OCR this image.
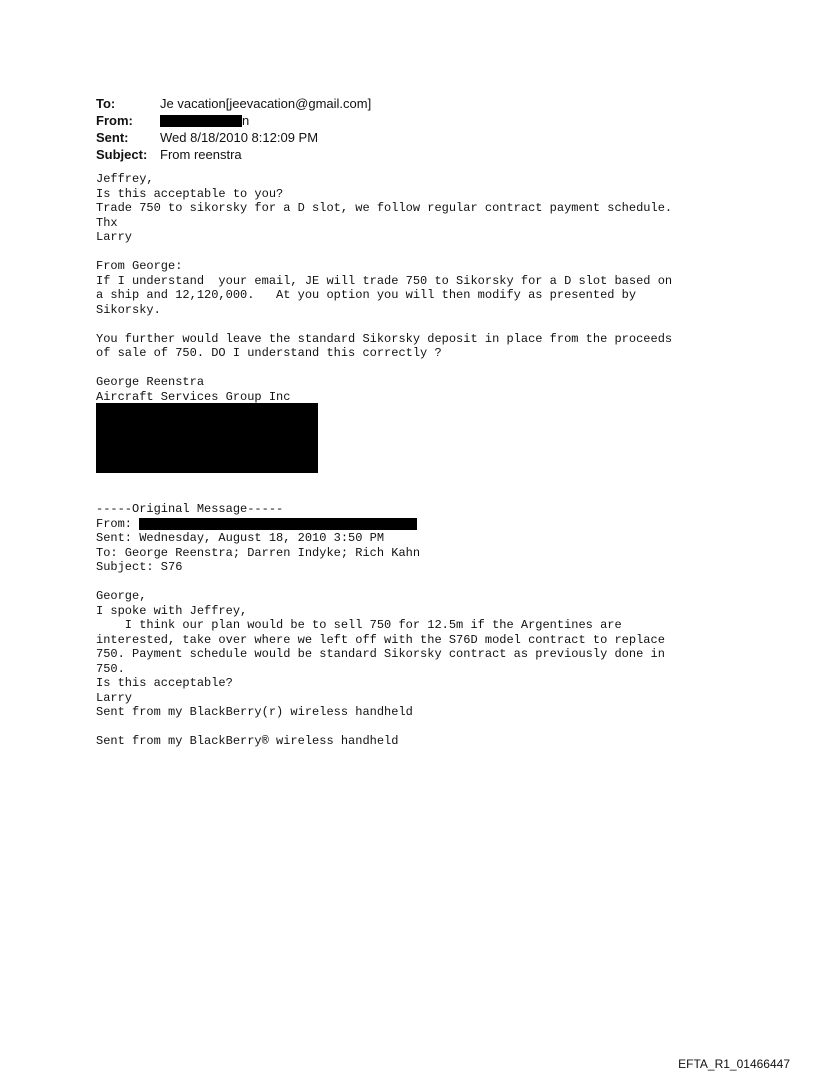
To:	Je vacation[jeevacation@gmail.com]
From:	n
Sent:	Wed 8/18/2010 8:12:09 PM
Subject: From reenstra

Jeffrey,

Is this acceptable to you?

Trade 750 to sikorsky for a D slot, we follow regular contract payment schedule.

Thx

Larry

From George:

If I understand  your email, JE will trade 750 to Sikorsky for a D slot based on

a ship and 12,120,000.   At you option you will then modify as presented by

Sikorsky.

You further would leave the standard Sikorsky deposit in place from the proceeds

of sale of 750. DO I understand this correctly ?

George Reenstra

Aircraft Services Group Inc

-----Original Message-----

From:

Sent: Wednesday, August 18, 2010 3:50 PM

To: George Reenstra; Darren Indyke; Rich Kahn

Subject: S76

George,

I spoke with Jeffrey,

I think our plan would be to sell 750 for 12.5m if the Argentines are

interested, take over where we left off with the S76D model contract to replace

750. Payment schedule would be standard Sikorsky contract as previously done in

750.

Is this acceptable?

Larry

Sent from my BlackBerry(r) wireless handheld

Sent from my BlackBerry® wireless handheld

EFTA_R1_01466447
